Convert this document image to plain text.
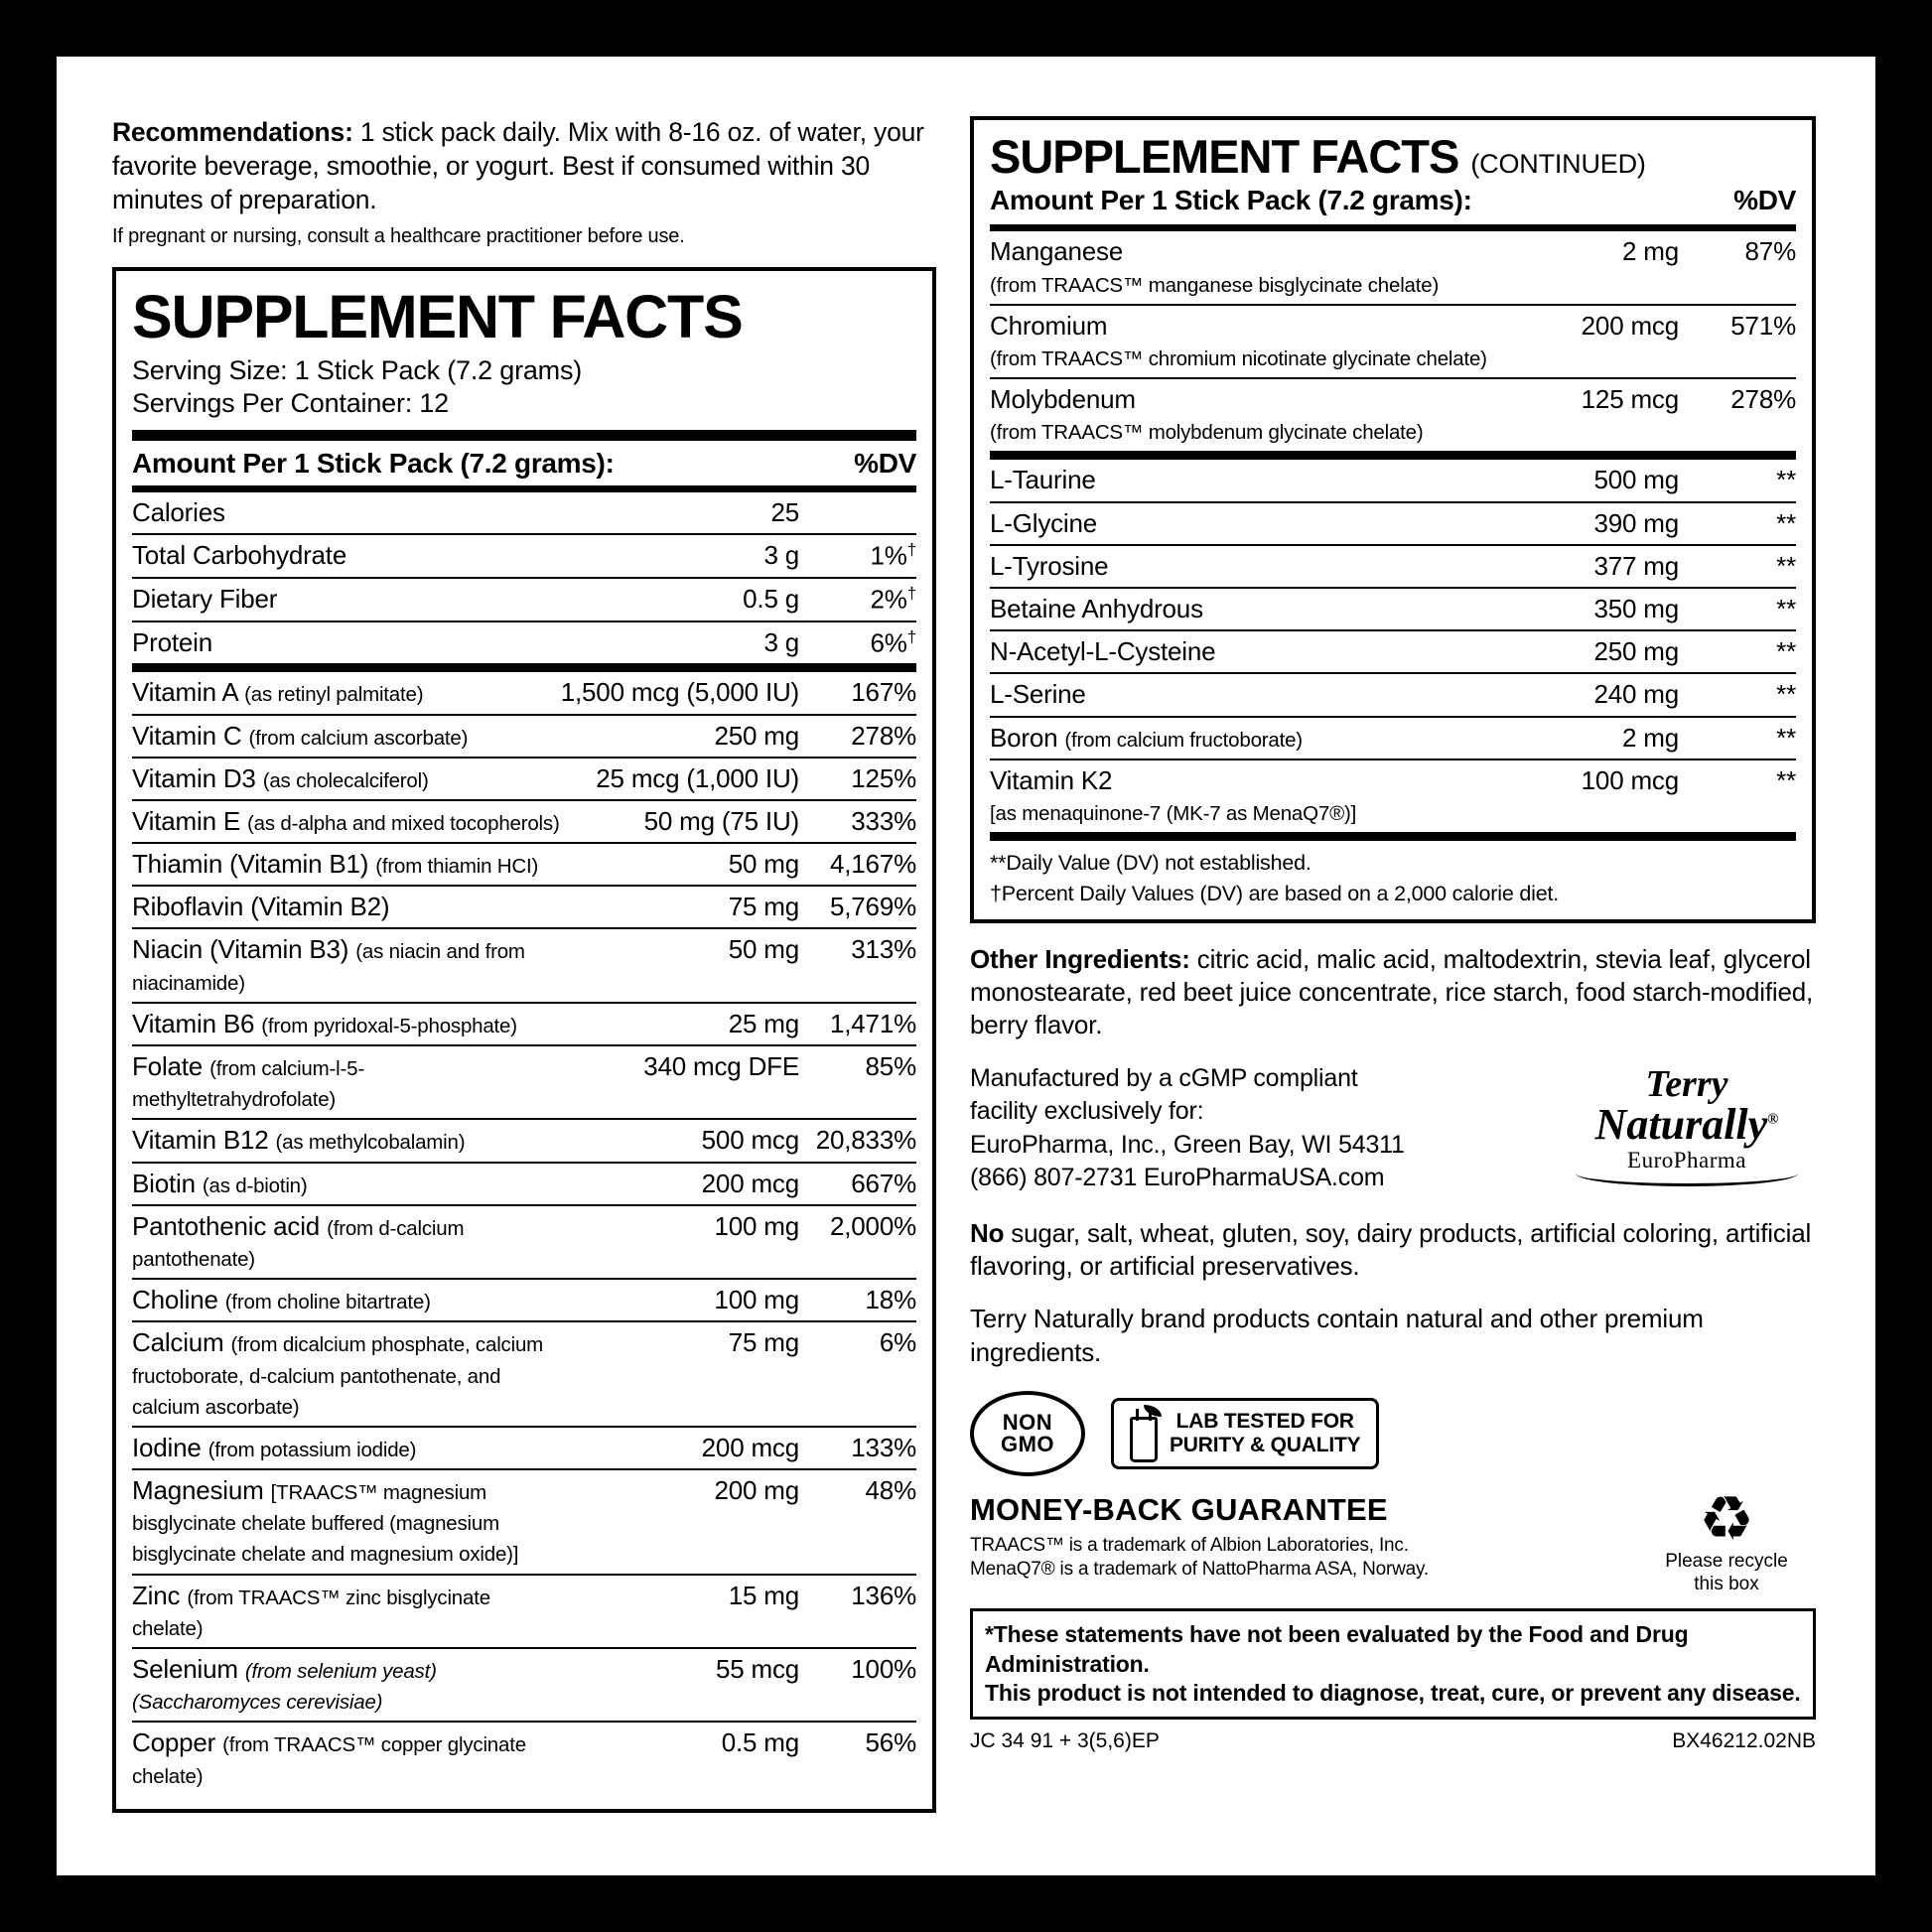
Recommendations: 1 stick pack daily. Mix with 8-16 oz. of water, your favorite beverage, smoothie, or yogurt. Best if consumed within 30 minutes of preparation.
If pregnant or nursing, consult a healthcare practitioner before use.
SUPPLEMENT FACTS
Serving Size: 1 Stick Pack (7.2 grams)
Servings Per Container: 12
Amount Per 1 Stick Pack (7.2 grams):	%DV
Calories	25	
Total Carbohydrate	3 g	1%†
Dietary Fiber	0.5 g	2%†
Protein	3 g	6%†
Vitamin A (as retinyl palmitate)	1,500 mcg (5,000 IU)	167%
Vitamin C (from calcium ascorbate)	250 mg	278%
Vitamin D3 (as cholecalciferol)	25 mcg (1,000 IU)	125%
Vitamin E (as d-alpha and mixed tocopherols)	50 mg (75 IU)	333%
Thiamin (Vitamin B1) (from thiamin HCI)	50 mg	4,167%
Riboflavin (Vitamin B2)	75 mg	5,769%
Niacin (Vitamin B3) (as niacin and from niacinamide)	50 mg	313%
Vitamin B6 (from pyridoxal-5-phosphate)	25 mg	1,471%
Folate (from calcium-l-5-methyltetrahydrofolate)	340 mcg DFE	85%
Vitamin B12 (as methylcobalamin)	500 mcg	20,833%
Biotin (as d-biotin)	200 mcg	667%
Pantothenic acid (from d-calcium pantothenate)	100 mg	2,000%
Choline (from choline bitartrate)	100 mg	18%
Calcium (from dicalcium phosphate, calcium fructoborate, d-calcium pantothenate, and calcium ascorbate)	75 mg	6%
Iodine (from potassium iodide)	200 mcg	133%
Magnesium [TRAACS™ magnesium bisglycinate chelate buffered (magnesium bisglycinate chelate and magnesium oxide)]	200 mg	48%
Zinc (from TRAACS™ zinc bisglycinate chelate)	15 mg	136%
Selenium (from selenium yeast) (Saccharomyces cerevisiae)	55 mcg	100%
Copper (from TRAACS™ copper glycinate chelate)	0.5 mg	56%
SUPPLEMENT FACTS (CONTINUED)
Amount Per 1 Stick Pack (7.2 grams):	%DV
Manganese
(from TRAACS™ manganese bisglycinate chelate)	2 mg	87%
Chromium
(from TRAACS™ chromium nicotinate glycinate chelate)	200 mcg	571%
Molybdenum
(from TRAACS™ molybdenum glycinate chelate)	125 mcg	278%
L-Taurine	500 mg	**
L-Glycine	390 mg	**
L-Tyrosine	377 mg	**
Betaine Anhydrous	350 mg	**
N-Acetyl-L-Cysteine	250 mg	**
L-Serine	240 mg	**
Boron (from calcium fructoborate)	2 mg	**
Vitamin K2
[as menaquinone-7 (MK-7 as MenaQ7®)]	100 mcg	**
**Daily Value (DV) not established.
†Percent Daily Values (DV) are based on a 2,000 calorie diet.
Other Ingredients: citric acid, malic acid, maltodextrin, stevia leaf, glycerol monostearate, red beet juice concentrate, rice starch, food starch-modified, berry flavor.
Manufactured by a cGMP compliant
facility exclusively for:
EuroPharma, Inc., Green Bay, WI 54311
(866) 807-2731 EuroPharmaUSA.com
Terry
Naturally®
EuroPharma
No sugar, salt, wheat, gluten, soy, dairy products, artificial coloring, artificial flavoring, or artificial preservatives.
Terry Naturally brand products contain natural and other premium ingredients.
NON
GMO
LAB TESTED FOR
PURITY & QUALITY
MONEY-BACK GUARANTEE
TRAACS™ is a trademark of Albion Laboratories, Inc.
MenaQ7® is a trademark of NattoPharma ASA, Norway.
♻
Please recycle
this box
*These statements have not been evaluated by the Food and Drug Administration.
This product is not intended to diagnose, treat, cure, or prevent any disease.
JC 34 91 + 3(5,6)EP	BX46212.02NB
